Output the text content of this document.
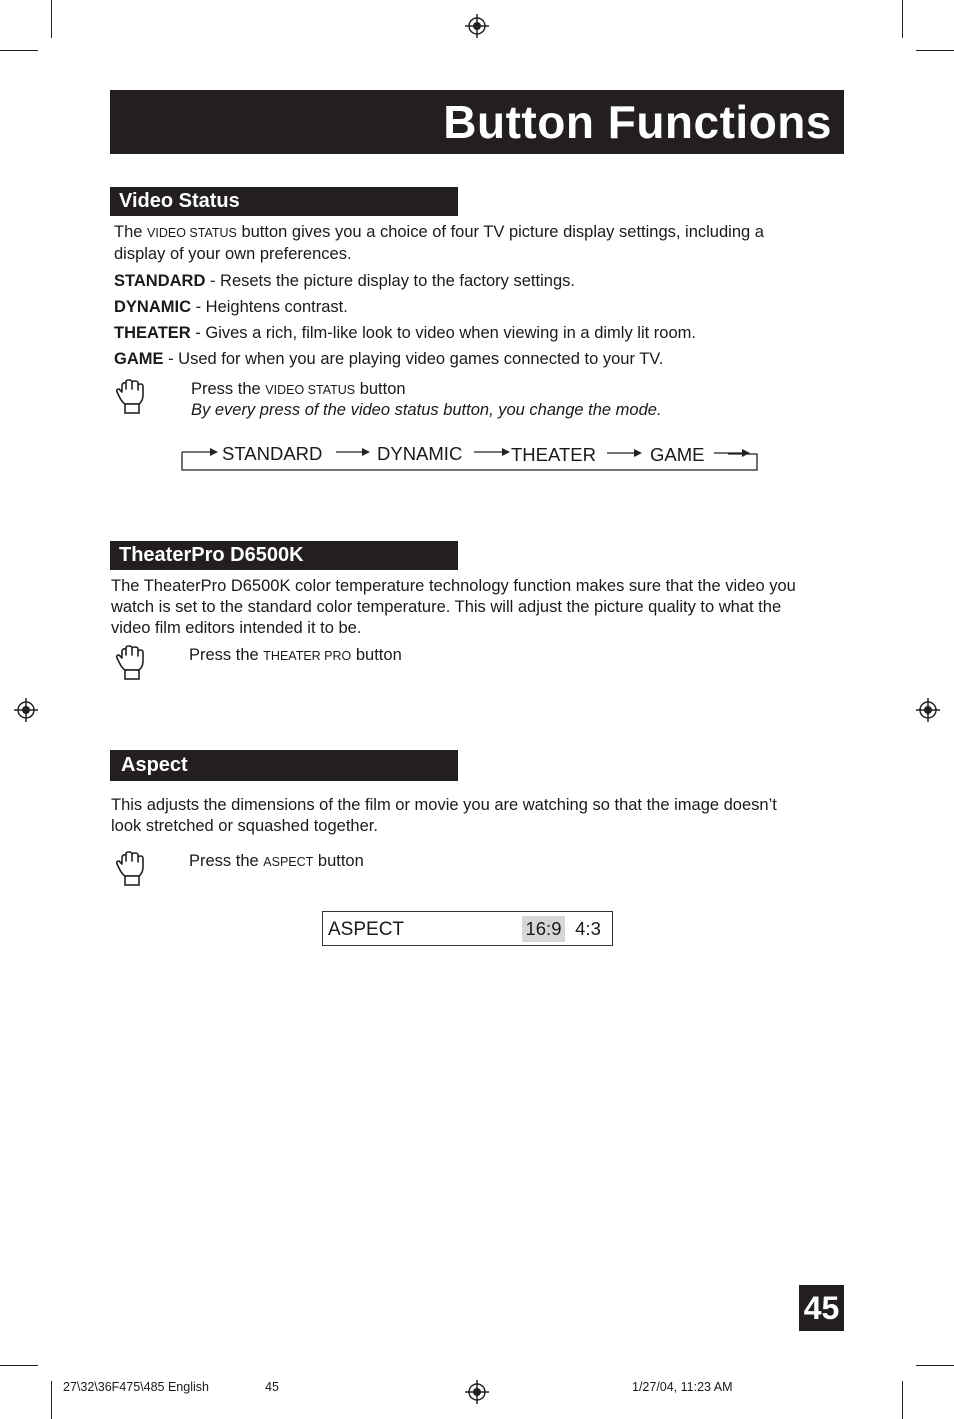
Button Functions
Video Status

The VIDEO STATUS button gives you a choice of four TV picture display settings, including a
display of your own preferences.

STANDARD - Resets the picture display to the factory settings.

DYNAMIC - Heightens contrast.

THEATER - Gives a rich, film-like look to video when viewing in a dimly lit room.

GAME - Used for when you are playing video games connected to your TV.

Press the VIDEO STATUS button

By every press of the video status button, you change the mode.

STANDARD	DYNAMIC	THEATER	GAME
TheaterPro D6500K

The TheaterPro D6500K color temperature technology function makes sure that the video you
watch is set to the standard color temperature. This will adjust the picture quality to what the
video film editors intended it to be.

Press the THEATER PRO button

Aspect

This adjusts the dimensions of the film or movie you are watching so that the image doesn’t
look stretched or squashed together.

Press the ASPECT button

ASPECT	16:9 4:3
45
27\32\36F475\485 English	45	1/27/04, 11:23 AM
